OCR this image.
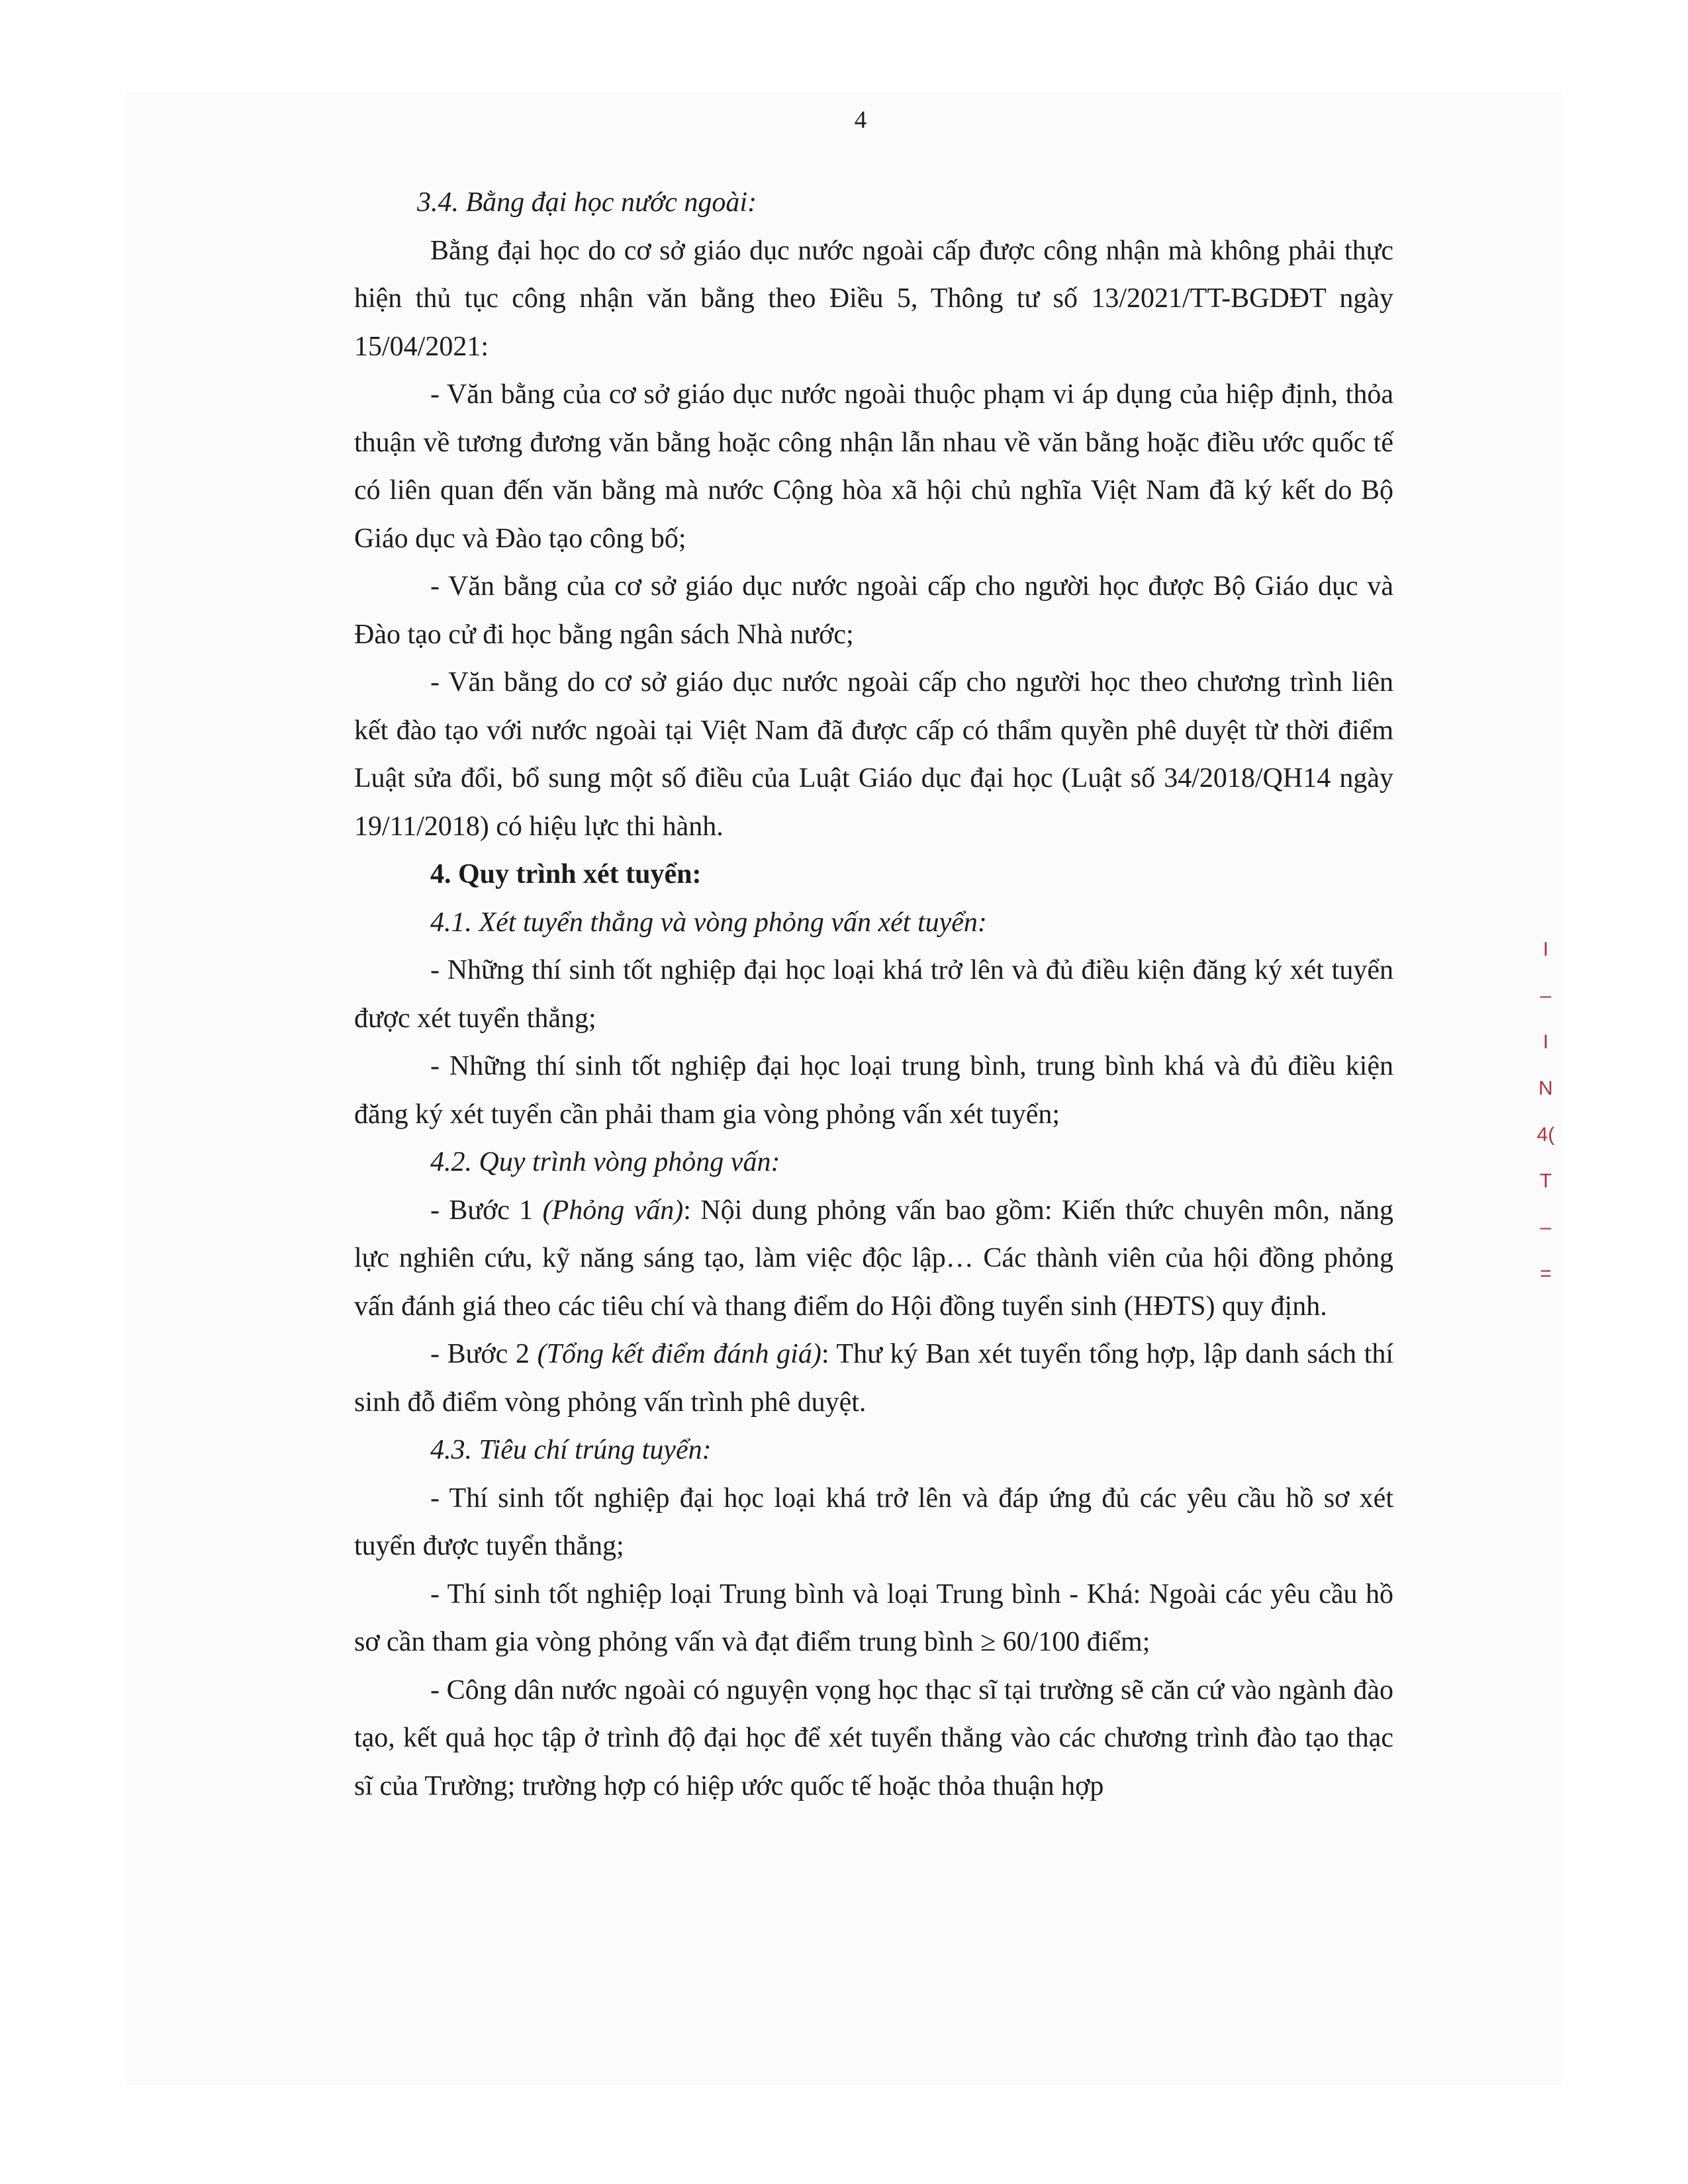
4

3.4. Bằng đại học nước ngoài:

Bằng đại học do cơ sở giáo dục nước ngoài cấp được công nhận mà không phải thực hiện thủ tục công nhận văn bằng theo Điều 5, Thông tư số 13/2021/TT-BGDĐT ngày 15/04/2021:

- Văn bằng của cơ sở giáo dục nước ngoài thuộc phạm vi áp dụng của hiệp định, thỏa thuận về tương đương văn bằng hoặc công nhận lẫn nhau về văn bằng hoặc điều ước quốc tế có liên quan đến văn bằng mà nước Cộng hòa xã hội chủ nghĩa Việt Nam đã ký kết do Bộ Giáo dục và Đào tạo công bố;

- Văn bằng của cơ sở giáo dục nước ngoài cấp cho người học được Bộ Giáo dục và Đào tạo cử đi học bằng ngân sách Nhà nước;

- Văn bằng do cơ sở giáo dục nước ngoài cấp cho người học theo chương trình liên kết đào tạo với nước ngoài tại Việt Nam đã được cấp có thẩm quyền phê duyệt từ thời điểm Luật sửa đổi, bổ sung một số điều của Luật Giáo dục đại học (Luật số 34/2018/QH14 ngày 19/11/2018) có hiệu lực thi hành.

4. Quy trình xét tuyển:

4.1. Xét tuyển thẳng và vòng phỏng vấn xét tuyển:

- Những thí sinh tốt nghiệp đại học loại khá trở lên và đủ điều kiện đăng ký xét tuyển được xét tuyển thẳng;

- Những thí sinh tốt nghiệp đại học loại trung bình, trung bình khá và đủ điều kiện đăng ký xét tuyển cần phải tham gia vòng phỏng vấn xét tuyển;

4.2. Quy trình vòng phỏng vấn:

- Bước 1 (Phỏng vấn): Nội dung phỏng vấn bao gồm: Kiến thức chuyên môn, năng lực nghiên cứu, kỹ năng sáng tạo, làm việc độc lập… Các thành viên của hội đồng phỏng vấn đánh giá theo các tiêu chí và thang điểm do Hội đồng tuyển sinh (HĐTS) quy định.

- Bước 2 (Tổng kết điểm đánh giá): Thư ký Ban xét tuyển tổng hợp, lập danh sách thí sinh đỗ điểm vòng phỏng vấn trình phê duyệt.

4.3. Tiêu chí trúng tuyển:

- Thí sinh tốt nghiệp đại học loại khá trở lên và đáp ứng đủ các yêu cầu hồ sơ xét tuyển được tuyển thẳng;

- Thí sinh tốt nghiệp loại Trung bình và loại Trung bình - Khá: Ngoài các yêu cầu hồ sơ cần tham gia vòng phỏng vấn và đạt điểm trung bình ≥ 60/100 điểm;

- Công dân nước ngoài có nguyện vọng học thạc sĩ tại trường sẽ căn cứ vào ngành đào tạo, kết quả học tập ở trình độ đại học để xét tuyển thẳng vào các chương trình đào tạo thạc sĩ của Trường; trường hợp có hiệp ước quốc tế hoặc thỏa thuận hợp

I – I
N
4(
T
–
=
